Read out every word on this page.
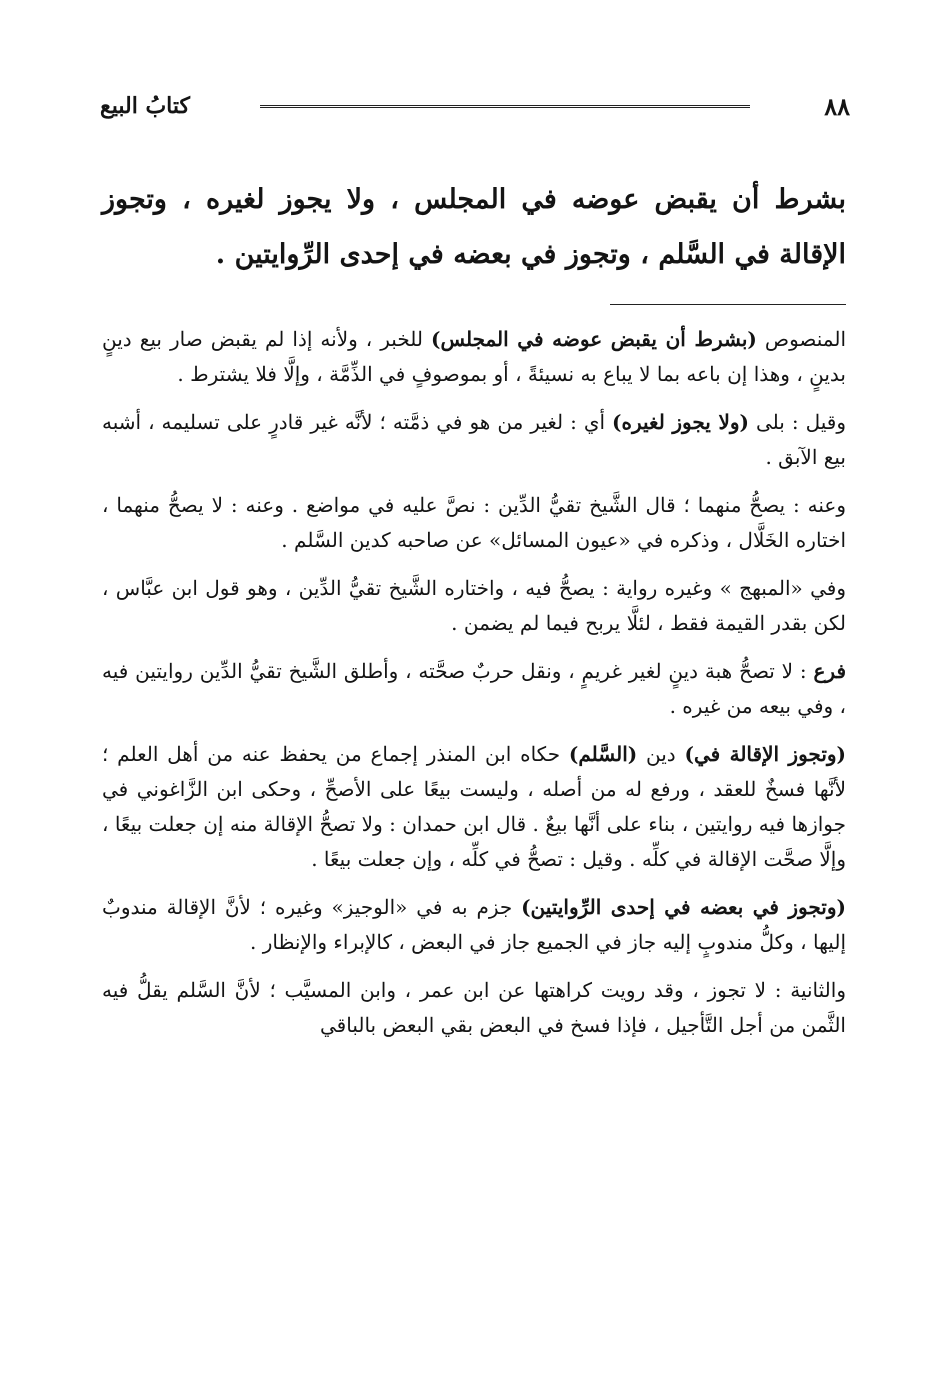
٨٨
كتابُ البيع

بشرط أن يقبض عوضه في المجلس ، ولا يجوز لغيره ، وتجوز الإقالة في السَّلم ، وتجوز في بعضه في إحدى الرِّوايتين .

المنصوص (بشرط أن يقبض عوضه في المجلس) للخبر ، ولأنه إذا لم يقبض صار بيع دينٍ بدينٍ ، وهذا إن باعه بما لا يباع به نسيئةً ، أو بموصوفٍ في الذِّمَّة ، وإلَّا فلا يشترط .

وقيل : بلى (ولا يجوز لغيره) أي : لغير من هو في ذمَّته ؛ لأنَّه غير قادرٍ على تسليمه ، أشبه بيع الآبق .

وعنه : يصحُّ منهما ؛ قال الشَّيخ تقيُّ الدِّين : نصَّ عليه في مواضع . وعنه : لا يصحُّ منهما ، اختاره الخَلَّال ، وذكره في «عيون المسائل» عن صاحبه كدين السَّلم .

وفي «المبهج » وغيره رواية : يصحُّ فيه ، واختاره الشَّيخ تقيُّ الدِّين ، وهو قول ابن عبَّاس ، لكن بقدر القيمة فقط ، لئلَّا يربح فيما لم يضمن .

فرع : لا تصحُّ هبة دينٍ لغير غريمٍ ، ونقل حربٌ صحَّته ، وأطلق الشَّيخ تقيُّ الدِّين روايتين فيه ، وفي بيعه من غيره .

(وتجوز الإقالة في) دين (السَّلم) حكاه ابن المنذر إجماع من يحفظ عنه من أهل العلم ؛ لأنَّها فسخٌ للعقد ، ورفع له من أصله ، وليست بيعًا على الأصحِّ ، وحكى ابن الزَّاغوني في جوازها فيه روايتين ، بناء على أنَّها بيعٌ . قال ابن حمدان : ولا تصحُّ الإقالة منه إن جعلت بيعًا ، وإلَّا صحَّت الإقالة في كلِّه . وقيل : تصحُّ في كلِّه ، وإن جعلت بيعًا .

(وتجوز في بعضه في إحدى الرِّوايتين) جزم به في «الوجيز» وغيره ؛ لأنَّ الإقالة مندوبٌ إليها ، وكلُّ مندوبٍ إليه جاز في الجميع جاز في البعض ، كالإبراء والإنظار .

والثانية : لا تجوز ، وقد رويت كراهتها عن ابن عمر ، وابن المسيَّب ؛ لأنَّ السَّلم يقلُّ فيه الثَّمن من أجل التَّأجيل ، فإذا فسخ في البعض بقي البعض بالباقي
